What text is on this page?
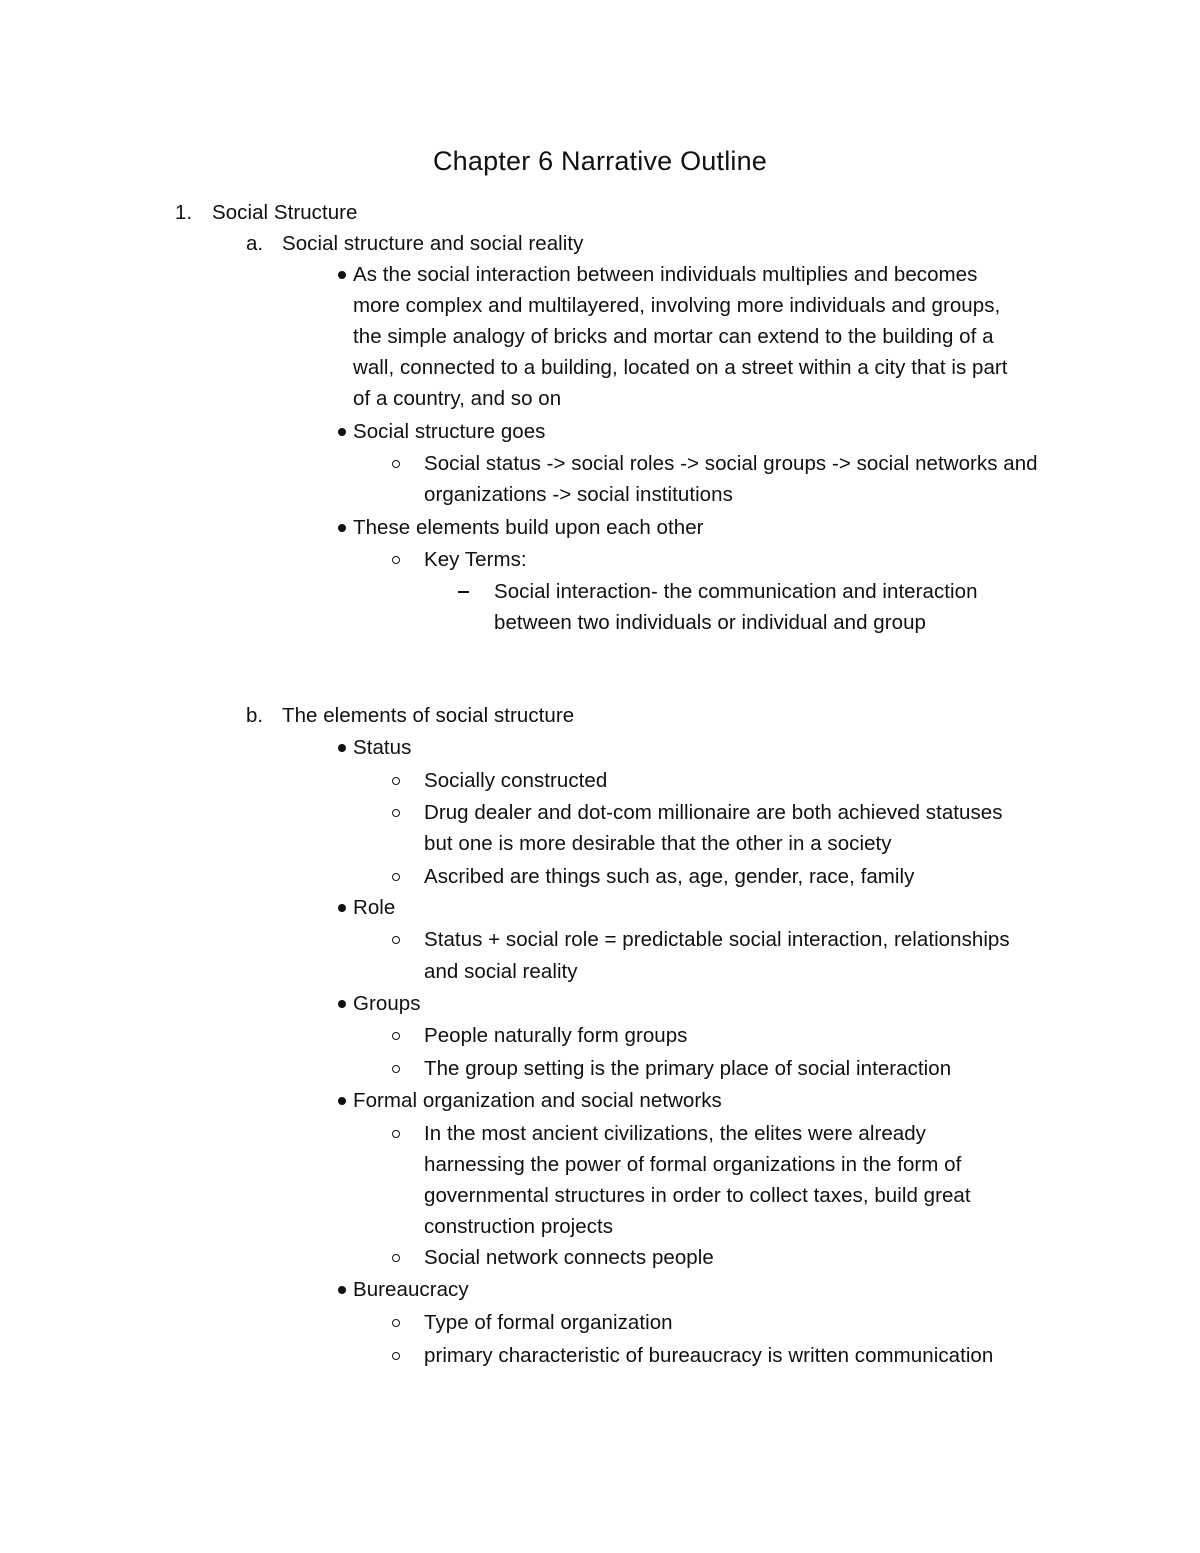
Chapter 6 Narrative Outline
1. Social Structure
a. Social structure and social reality
As the social interaction between individuals multiplies and becomes
more complex and multilayered, involving more individuals and groups,
the simple analogy of bricks and mortar can extend to the building of a
wall, connected to a building, located on a street within a city that is part
of a country, and so on
Social structure goes
Social status -> social roles -> social groups -> social networks and
organizations -> social institutions
These elements build upon each other
Key Terms:
Social interaction- the communication and interaction
between two individuals or individual and group
b. The elements of social structure
Status
Socially constructed
Drug dealer and dot-com millionaire are both achieved statuses
but one is more desirable that the other in a society
Ascribed are things such as, age, gender, race, family
Role
Status + social role = predictable social interaction, relationships
and social reality
Groups
People naturally form groups
The group setting is the primary place of social interaction
Formal organization and social networks
In the most ancient civilizations, the elites were already
harnessing the power of formal organizations in the form of
governmental structures in order to collect taxes, build great
construction projects
Social network connects people
Bureaucracy
Type of formal organization
primary characteristic of bureaucracy is written communication
